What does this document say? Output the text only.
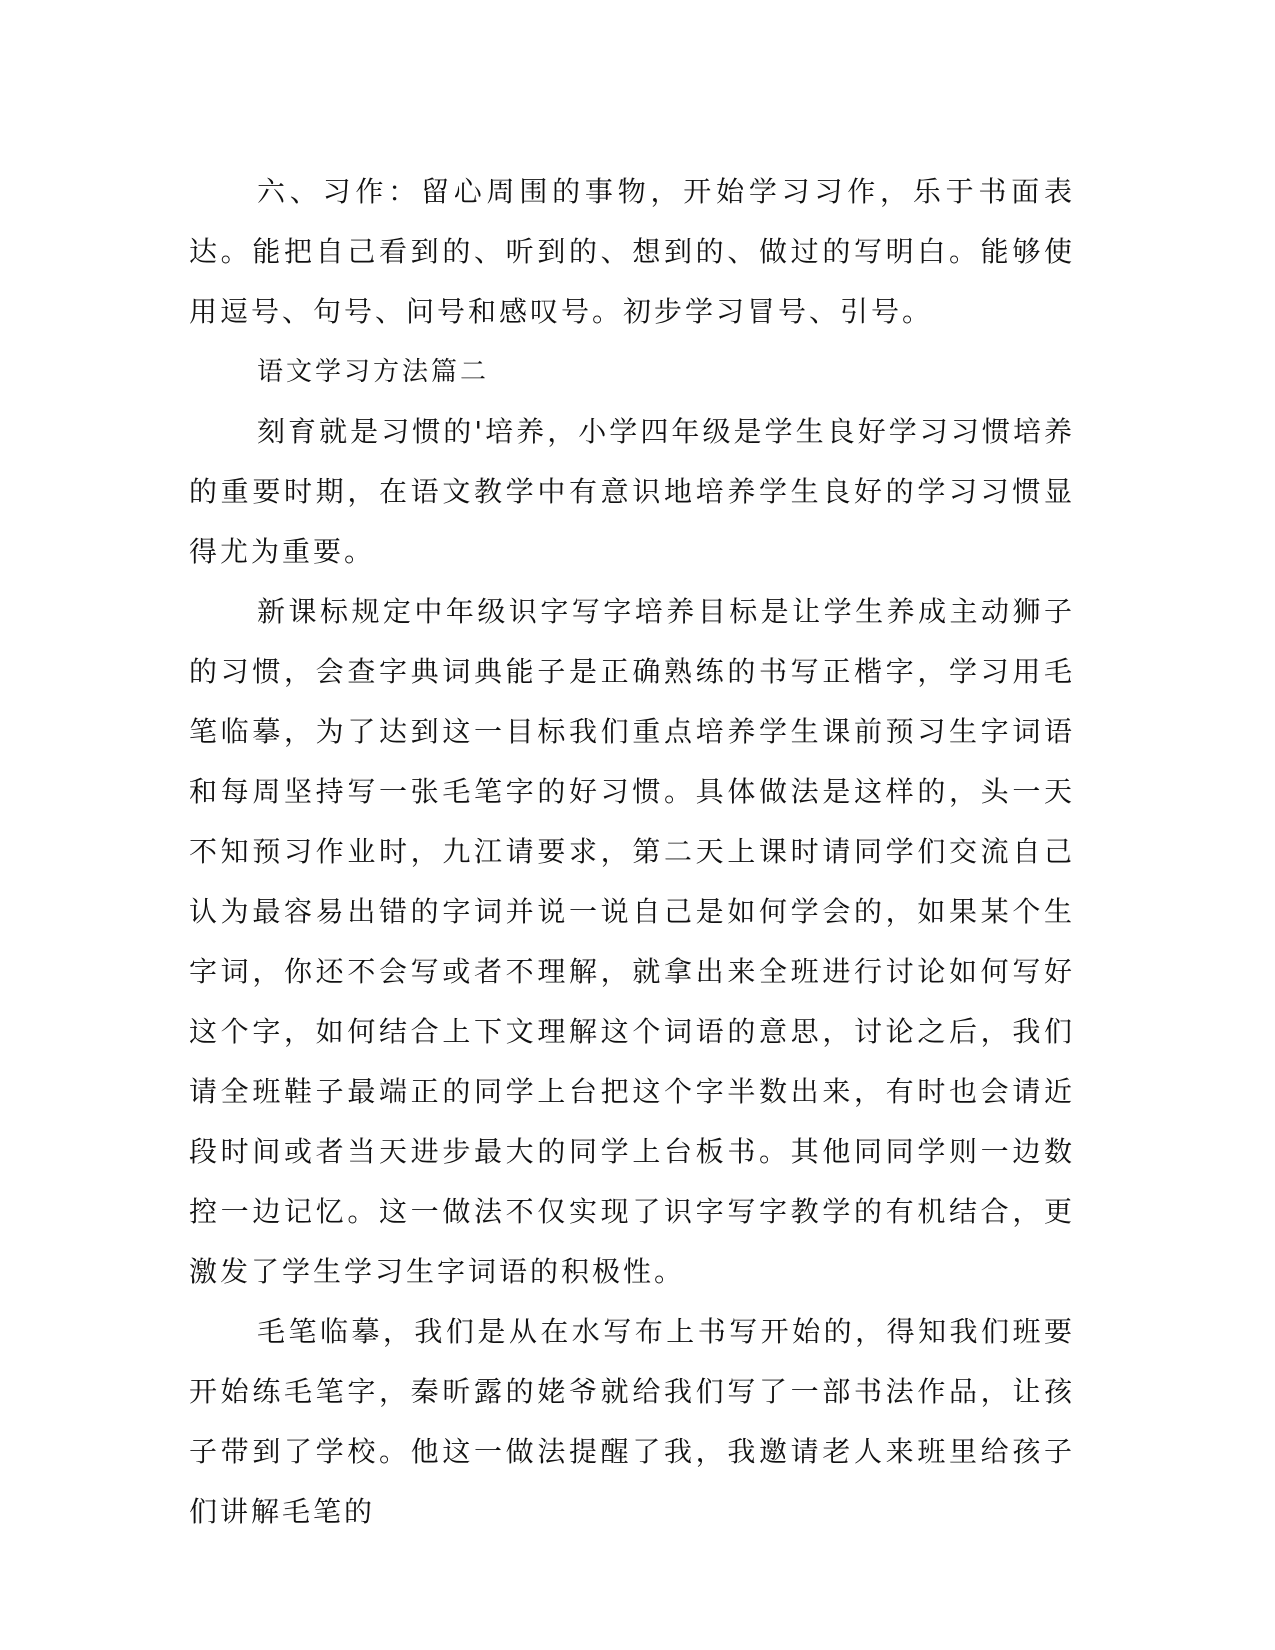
六、习作：留心周围的事物，开始学习习作，乐于书面表达。能把自己看到的、听到的、想到的、做过的写明白。能够使用逗号、句号、问号和感叹号。初步学习冒号、引号。

语文学习方法篇二

刻育就是习惯的'培养，小学四年级是学生良好学习习惯培养的重要时期，在语文教学中有意识地培养学生良好的学习习惯显得尤为重要。

新课标规定中年级识字写字培养目标是让学生养成主动狮子的习惯，会查字典词典能子是正确熟练的书写正楷字，学习用毛笔临摹，为了达到这一目标我们重点培养学生课前预习生字词语和每周坚持写一张毛笔字的好习惯。具体做法是这样的，头一天不知预习作业时，九江请要求，第二天上课时请同学们交流自己认为最容易出错的字词并说一说自己是如何学会的，如果某个生字词，你还不会写或者不理解，就拿出来全班进行讨论如何写好这个字，如何结合上下文理解这个词语的意思，讨论之后，我们请全班鞋子最端正的同学上台把这个字半数出来，有时也会请近段时间或者当天进步最大的同学上台板书。其他同同学则一边数控一边记忆。这一做法不仅实现了识字写字教学的有机结合，更激发了学生学习生字词语的积极性。

毛笔临摹，我们是从在水写布上书写开始的，得知我们班要开始练毛笔字，秦昕露的姥爷就给我们写了一部书法作品，让孩子带到了学校。他这一做法提醒了我，我邀请老人来班里给孩子们讲解毛笔的
